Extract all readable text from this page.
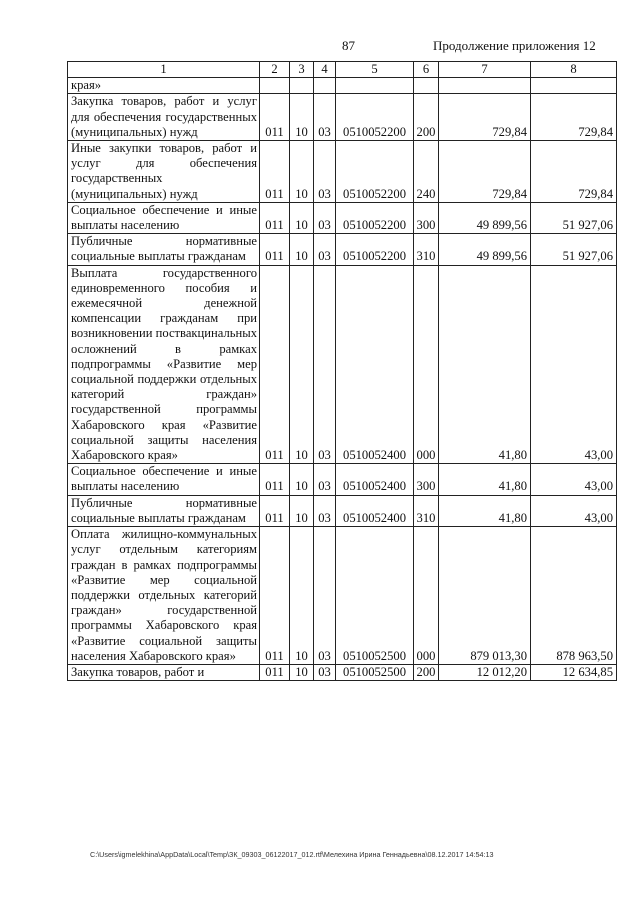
87	Продолжение приложения 12
1	2	3	4	5	6	7	8
края»							
Закупка товаров, работ и услуг для обеспечения государственных (муниципальных) нужд	011	10	03	0510052200	200	729,84	729,84
Иные закупки товаров, работ и услуг для обеспечения государственных (муниципальных) нужд	011	10	03	0510052200	240	729,84	729,84
Социальное обеспечение и иные выплаты населению	011	10	03	0510052200	300	49 899,56	51 927,06
Публичные нормативные социальные выплаты гражданам	011	10	03	0510052200	310	49 899,56	51 927,06
Выплата государственного единовременного пособия и ежемесячной денежной компенсации гражданам при возникновении поствакцинальных осложнений в рамках подпрограммы «Развитие мер социальной поддержки отдельных категорий граждан» государственной программы Хабаровского края «Развитие социальной защиты населения Хабаровского края»	011	10	03	0510052400	000	41,80	43,00
Социальное обеспечение и иные выплаты населению	011	10	03	0510052400	300	41,80	43,00
Публичные нормативные социальные выплаты гражданам	011	10	03	0510052400	310	41,80	43,00
Оплата жилищно-коммунальных услуг отдельным категориям граждан в рамках подпрограммы «Развитие мер социальной поддержки отдельных категорий граждан» государственной программы Хабаровского края «Развитие социальной защиты населения Хабаровского края»	011	10	03	0510052500	000	879 013,30	878 963,50
Закупка товаров, работ и	011	10	03	0510052500	200	12 012,20	12 634,85
C:\Users\igmelekhina\AppData\Local\Temp\ЗК_09303_06122017_012.rtf\Мелехина Ирина Геннадьевна\08.12.2017 14:54:13
